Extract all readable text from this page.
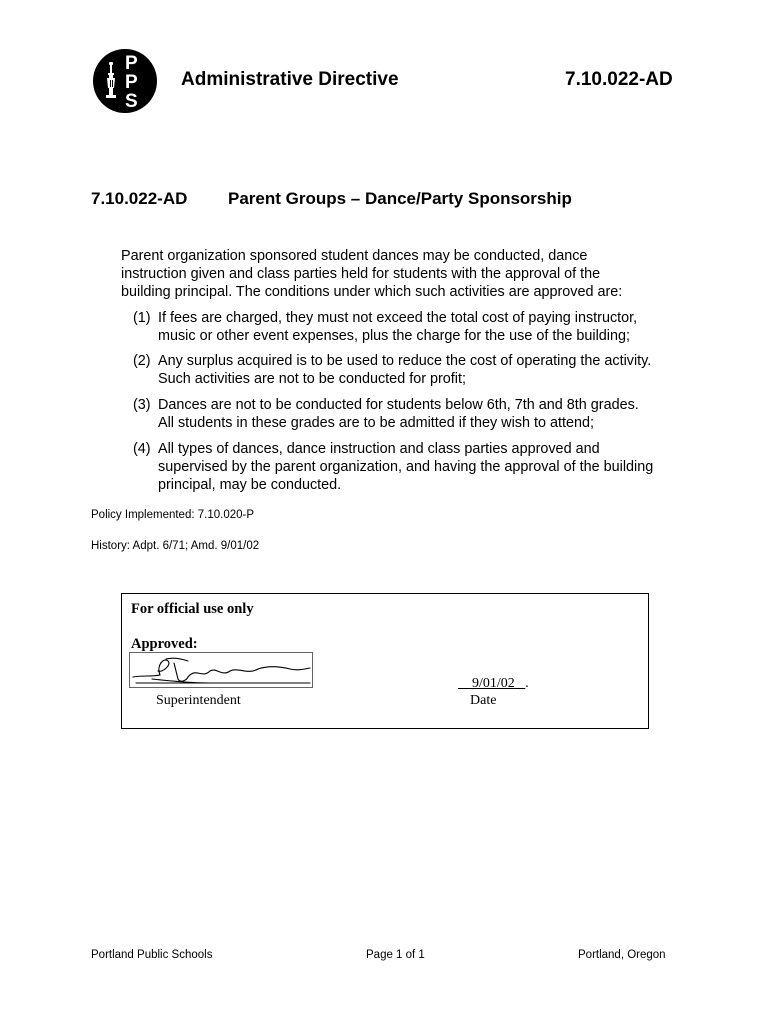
P
P
S
Administrative Directive	7.10.022-AD
7.10.022-AD Parent Groups – Dance/Party Sponsorship
Parent organization sponsored student dances may be conducted, dance
instruction given and class parties held for students with the approval of the
building principal. The conditions under which such activities are approved are:
(1) If fees are charged, they must not exceed the total cost of paying instructor,
music or other event expenses, plus the charge for the use of the building;
(2) Any surplus acquired is to be used to reduce the cost of operating the activity.
Such activities are not to be conducted for profit;
(3) Dances are not to be conducted for students below 6th, 7th and 8th grades.
All students in these grades are to be admitted if they wish to attend;
(4) All types of dances, dance instruction and class parties approved and
supervised by the parent organization, and having the approval of the building
principal, may be conducted.
Policy Implemented: 7.10.020-P
History: Adpt. 6/71; Amd. 9/01/02
For official use only
Approved:
Superintendent
9/01/02 .
Date
Portland Public Schools	Page 1 of 1	Portland, Oregon
